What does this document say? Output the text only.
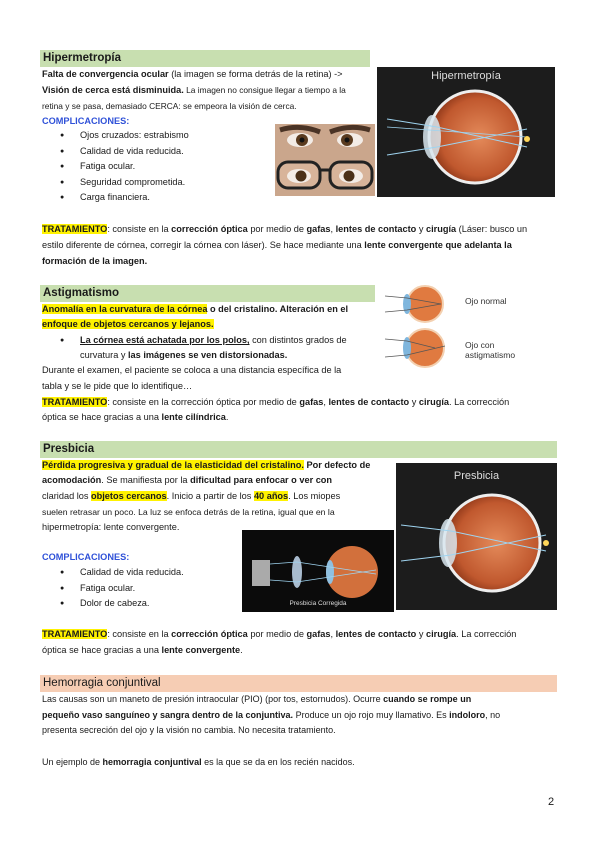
Hipermetropía
Falta de convergencia ocular (la imagen se forma detrás de la retina) ->
Visión de cerca está disminuida. La imagen no consigue llegar a tiempo a la
retina y se pasa, demasiado CERCA: se empeora la visión de cerca.
COMPLICACIONES:
● Ojos cruzados: estrabismo
● Calidad de vida reducida.
● Fatiga ocular.
● Seguridad comprometida.
● Carga financiera.
Hipermetropía
TRATAMIENTO: consiste en la corrección óptica por medio de gafas, lentes de contacto y cirugía (Láser: busco un
estilo diferente de córnea, corregir la córnea con láser). Se hace mediante una lente convergente que adelanta la
formación de la imagen.
Astigmatismo
Anomalía en la curvatura de la córnea o del cristalino. Alteración en el
enfoque de objetos cercanos y lejanos.
● La córnea está achatada por los polos, con distintos grados de
curvatura y las imágenes se ven distorsionadas.
Durante el examen, el paciente se coloca a una distancia específica de la
tabla y se le pide que lo identifique…
TRATAMIENTO: consiste en la corrección óptica por medio de gafas, lentes de contacto y cirugía. La corrección
óptica se hace gracias a una lente cilíndrica.
Ojo normal
Ojo con
astigmatismo
Presbicia
Pérdida progresiva y gradual de la elasticidad del cristalino. Por defecto de
acomodación. Se manifiesta por la dificultad para enfocar o ver con
claridad los objetos cercanos. Inicio a partir de los 40 años. Los miopes
suelen retrasar un poco. La luz se enfoca detrás de la retina, igual que en la
hipermetropía: lente convergente.
COMPLICACIONES:
● Calidad de vida reducida.
● Fatiga ocular.
● Dolor de cabeza.
Presbicia
Presbicia Corregida
TRATAMIENTO: consiste en la corrección óptica por medio de gafas, lentes de contacto y cirugía. La corrección
óptica se hace gracias a una lente convergente.
Hemorragia conjuntival
Las causas son un maneto de presión intraocular (PIO) (por tos, estornudos). Ocurre cuando se rompe un
pequeño vaso sanguíneo y sangra dentro de la conjuntiva. Produce un ojo rojo muy llamativo. Es indoloro, no
presenta secreción del ojo y la visión no cambia. No necesita tratamiento.
Un ejemplo de hemorragia conjuntival es la que se da en los recién nacidos.
2
